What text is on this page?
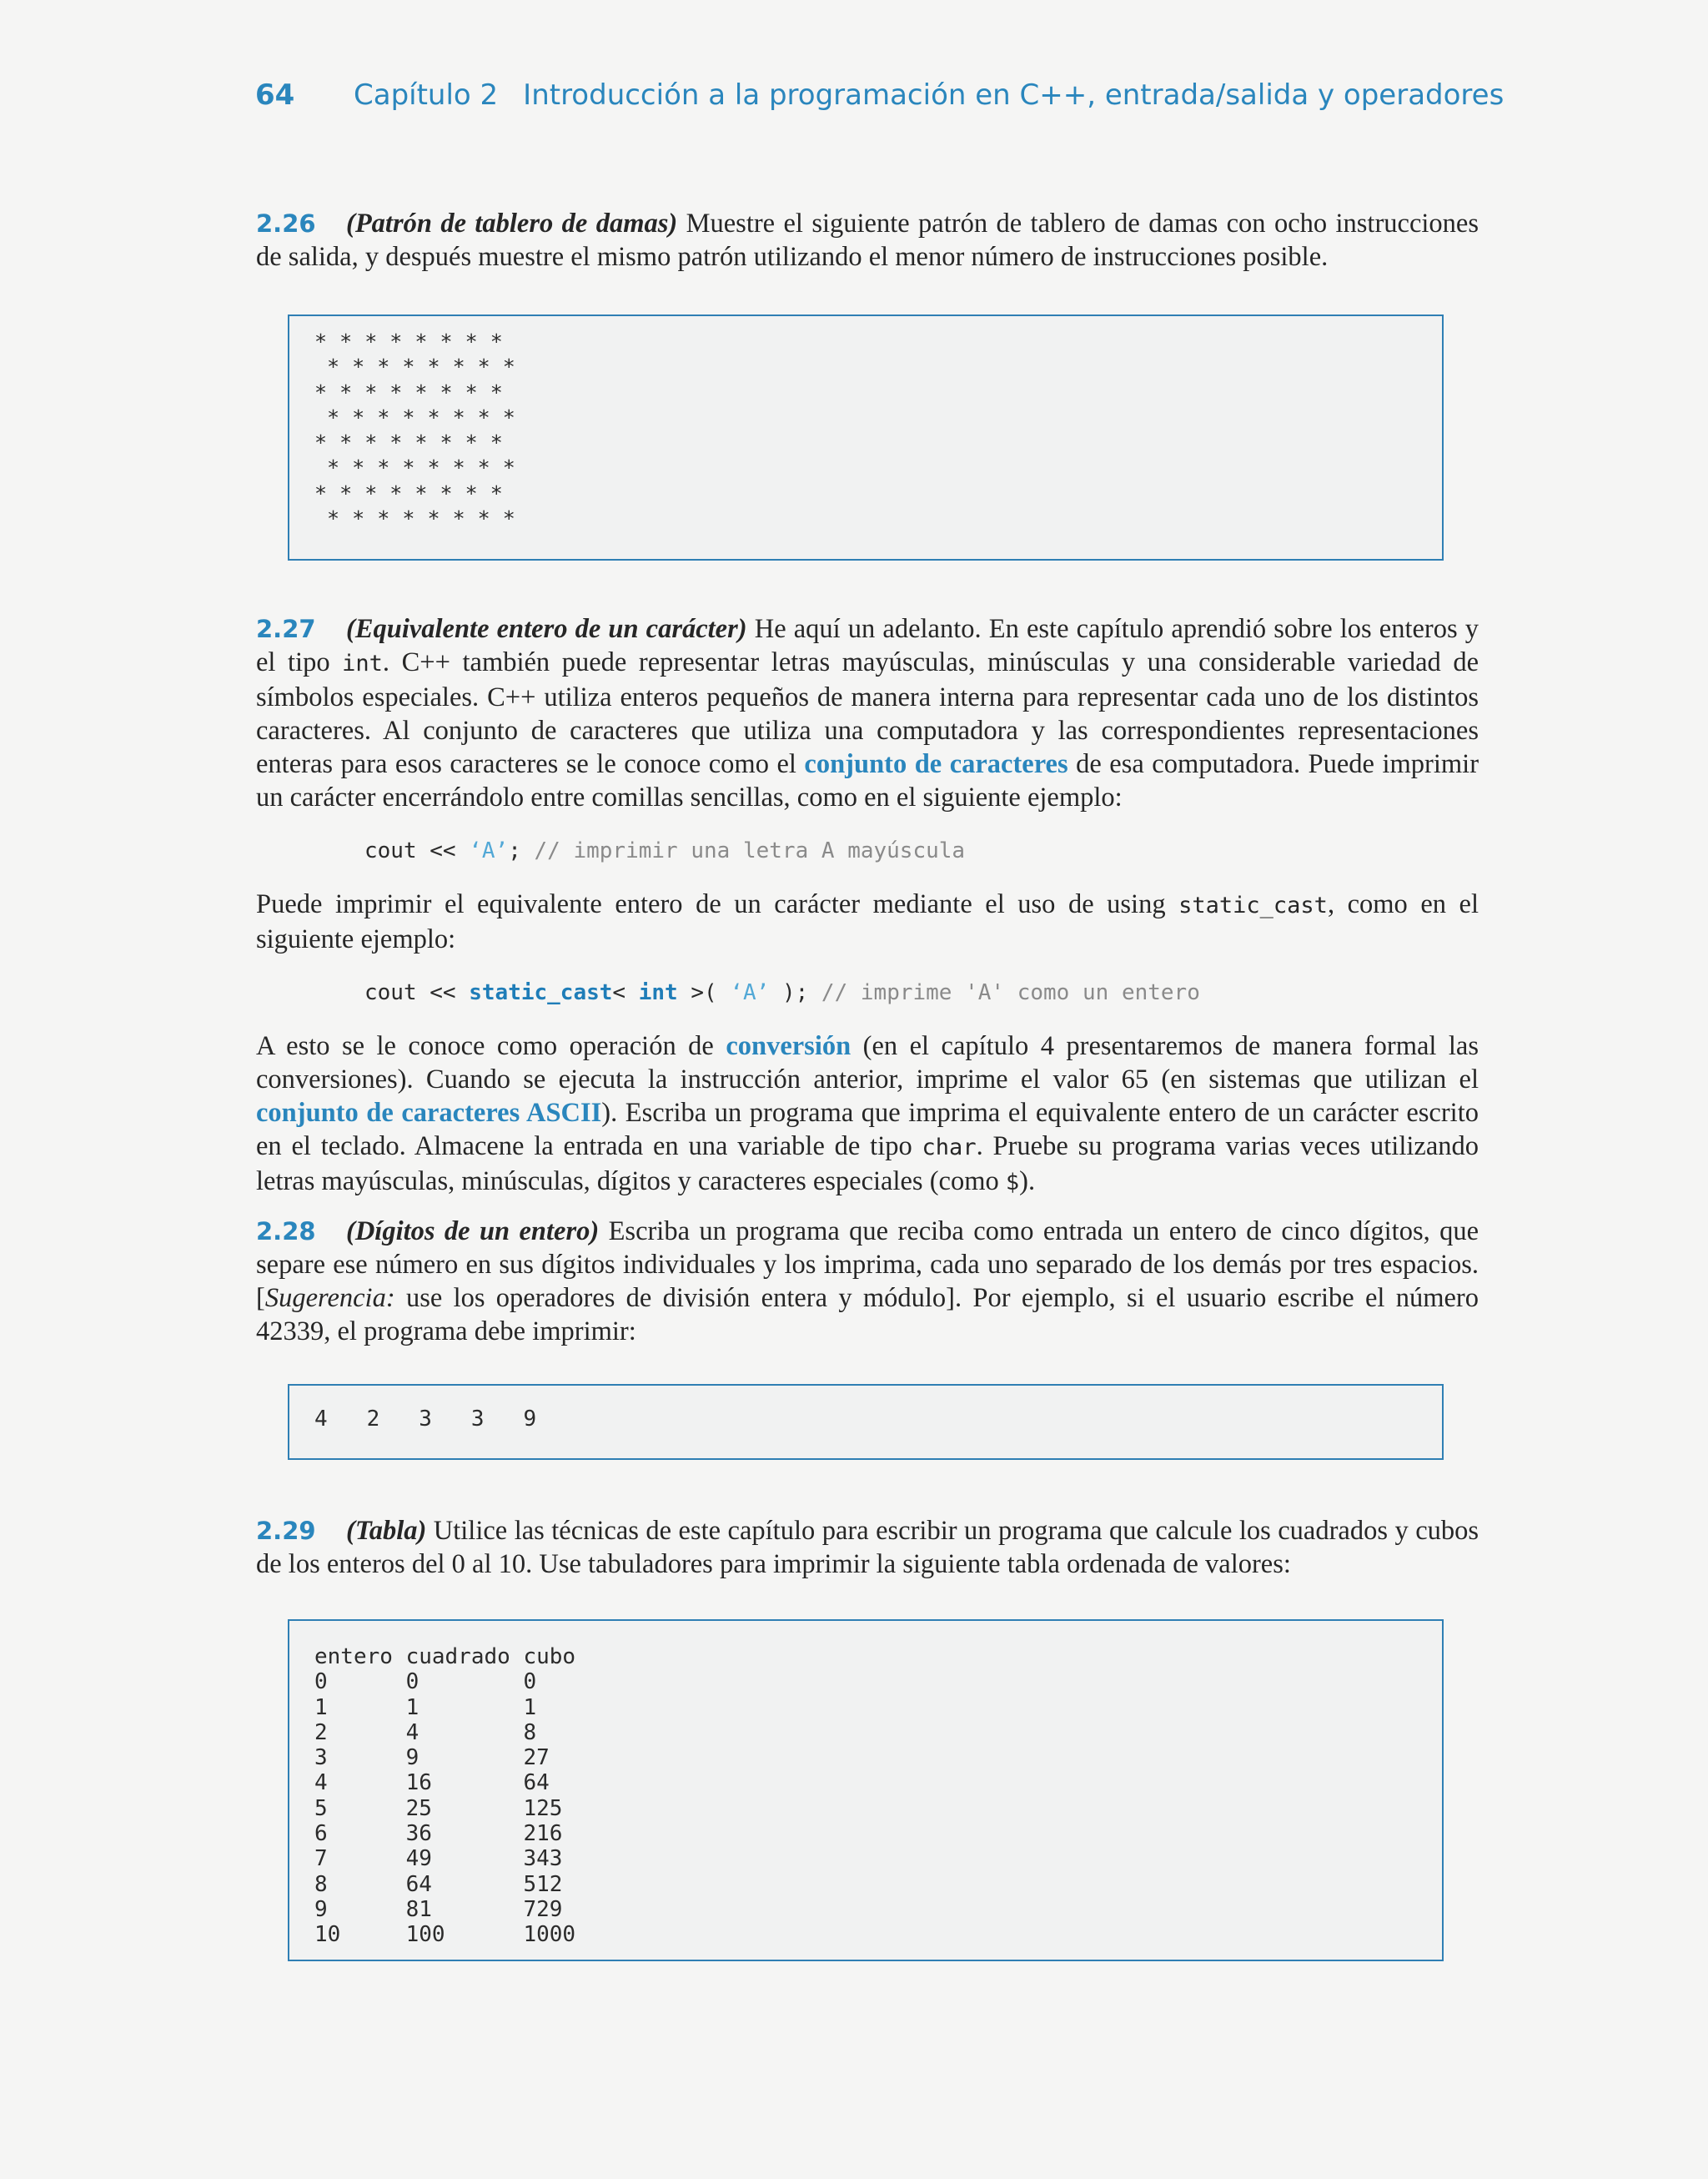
64 Capítulo 2 Introducción a la programación en C++, entrada/salida y operadores
2.26 (Patrón de tablero de damas) Muestre el siguiente patrón de tablero de damas con ocho instrucciones de salida, y después muestre el mismo patrón utilizando el menor número de instrucciones posible.
* * * * * * * *
* * * * * * * *
* * * * * * * *
* * * * * * * *
* * * * * * * *
* * * * * * * *
* * * * * * * *
* * * * * * * *
2.27 (Equivalente entero de un carácter) He aquí un adelanto. En este capítulo aprendió sobre los enteros y el tipo int. C++ también puede representar letras mayúsculas, minúsculas y una considerable variedad de símbolos especiales. C++ utiliza enteros pequeños de manera interna para representar cada uno de los distintos caracteres. Al conjunto de caracteres que utiliza una computadora y las correspondientes representaciones enteras para esos caracteres se le conoce como el conjunto de caracteres de esa computadora. Puede imprimir un carácter encerrándolo entre comillas sencillas, como en el siguiente ejemplo:
cout << ‘A’; // imprimir una letra A mayúscula
Puede imprimir el equivalente entero de un carácter mediante el uso de using static_cast, como en el siguiente ejemplo:
cout << static_cast< int >( ‘A’ ); // imprime 'A' como un entero
A esto se le conoce como operación de conversión (en el capítulo 4 presentaremos de manera formal las conversiones). Cuando se ejecuta la instrucción anterior, imprime el valor 65 (en sistemas que utilizan el conjunto de caracteres ASCII). Escriba un programa que imprima el equivalente entero de un carácter escrito en el teclado. Almacene la entrada en una variable de tipo char. Pruebe su programa varias veces utilizando letras mayúsculas, minúsculas, dígitos y caracteres especiales (como $).
2.28 (Dígitos de un entero) Escriba un programa que reciba como entrada un entero de cinco dígitos, que separe ese número en sus dígitos individuales y los imprima, cada uno separado de los demás por tres espacios. [Sugerencia: use los operadores de división entera y módulo]. Por ejemplo, si el usuario escribe el número 42339, el programa debe imprimir:
4   2   3   3   9
2.29 (Tabla) Utilice las técnicas de este capítulo para escribir un programa que calcule los cuadrados y cubos de los enteros del 0 al 10. Use tabuladores para imprimir la siguiente tabla ordenada de valores:
entero cuadrado cubo
0      0        0
1      1        1
2      4        8
3      9        27
4      16       64
5      25       125
6      36       216
7      49       343
8      64       512
9      81       729
10     100      1000
